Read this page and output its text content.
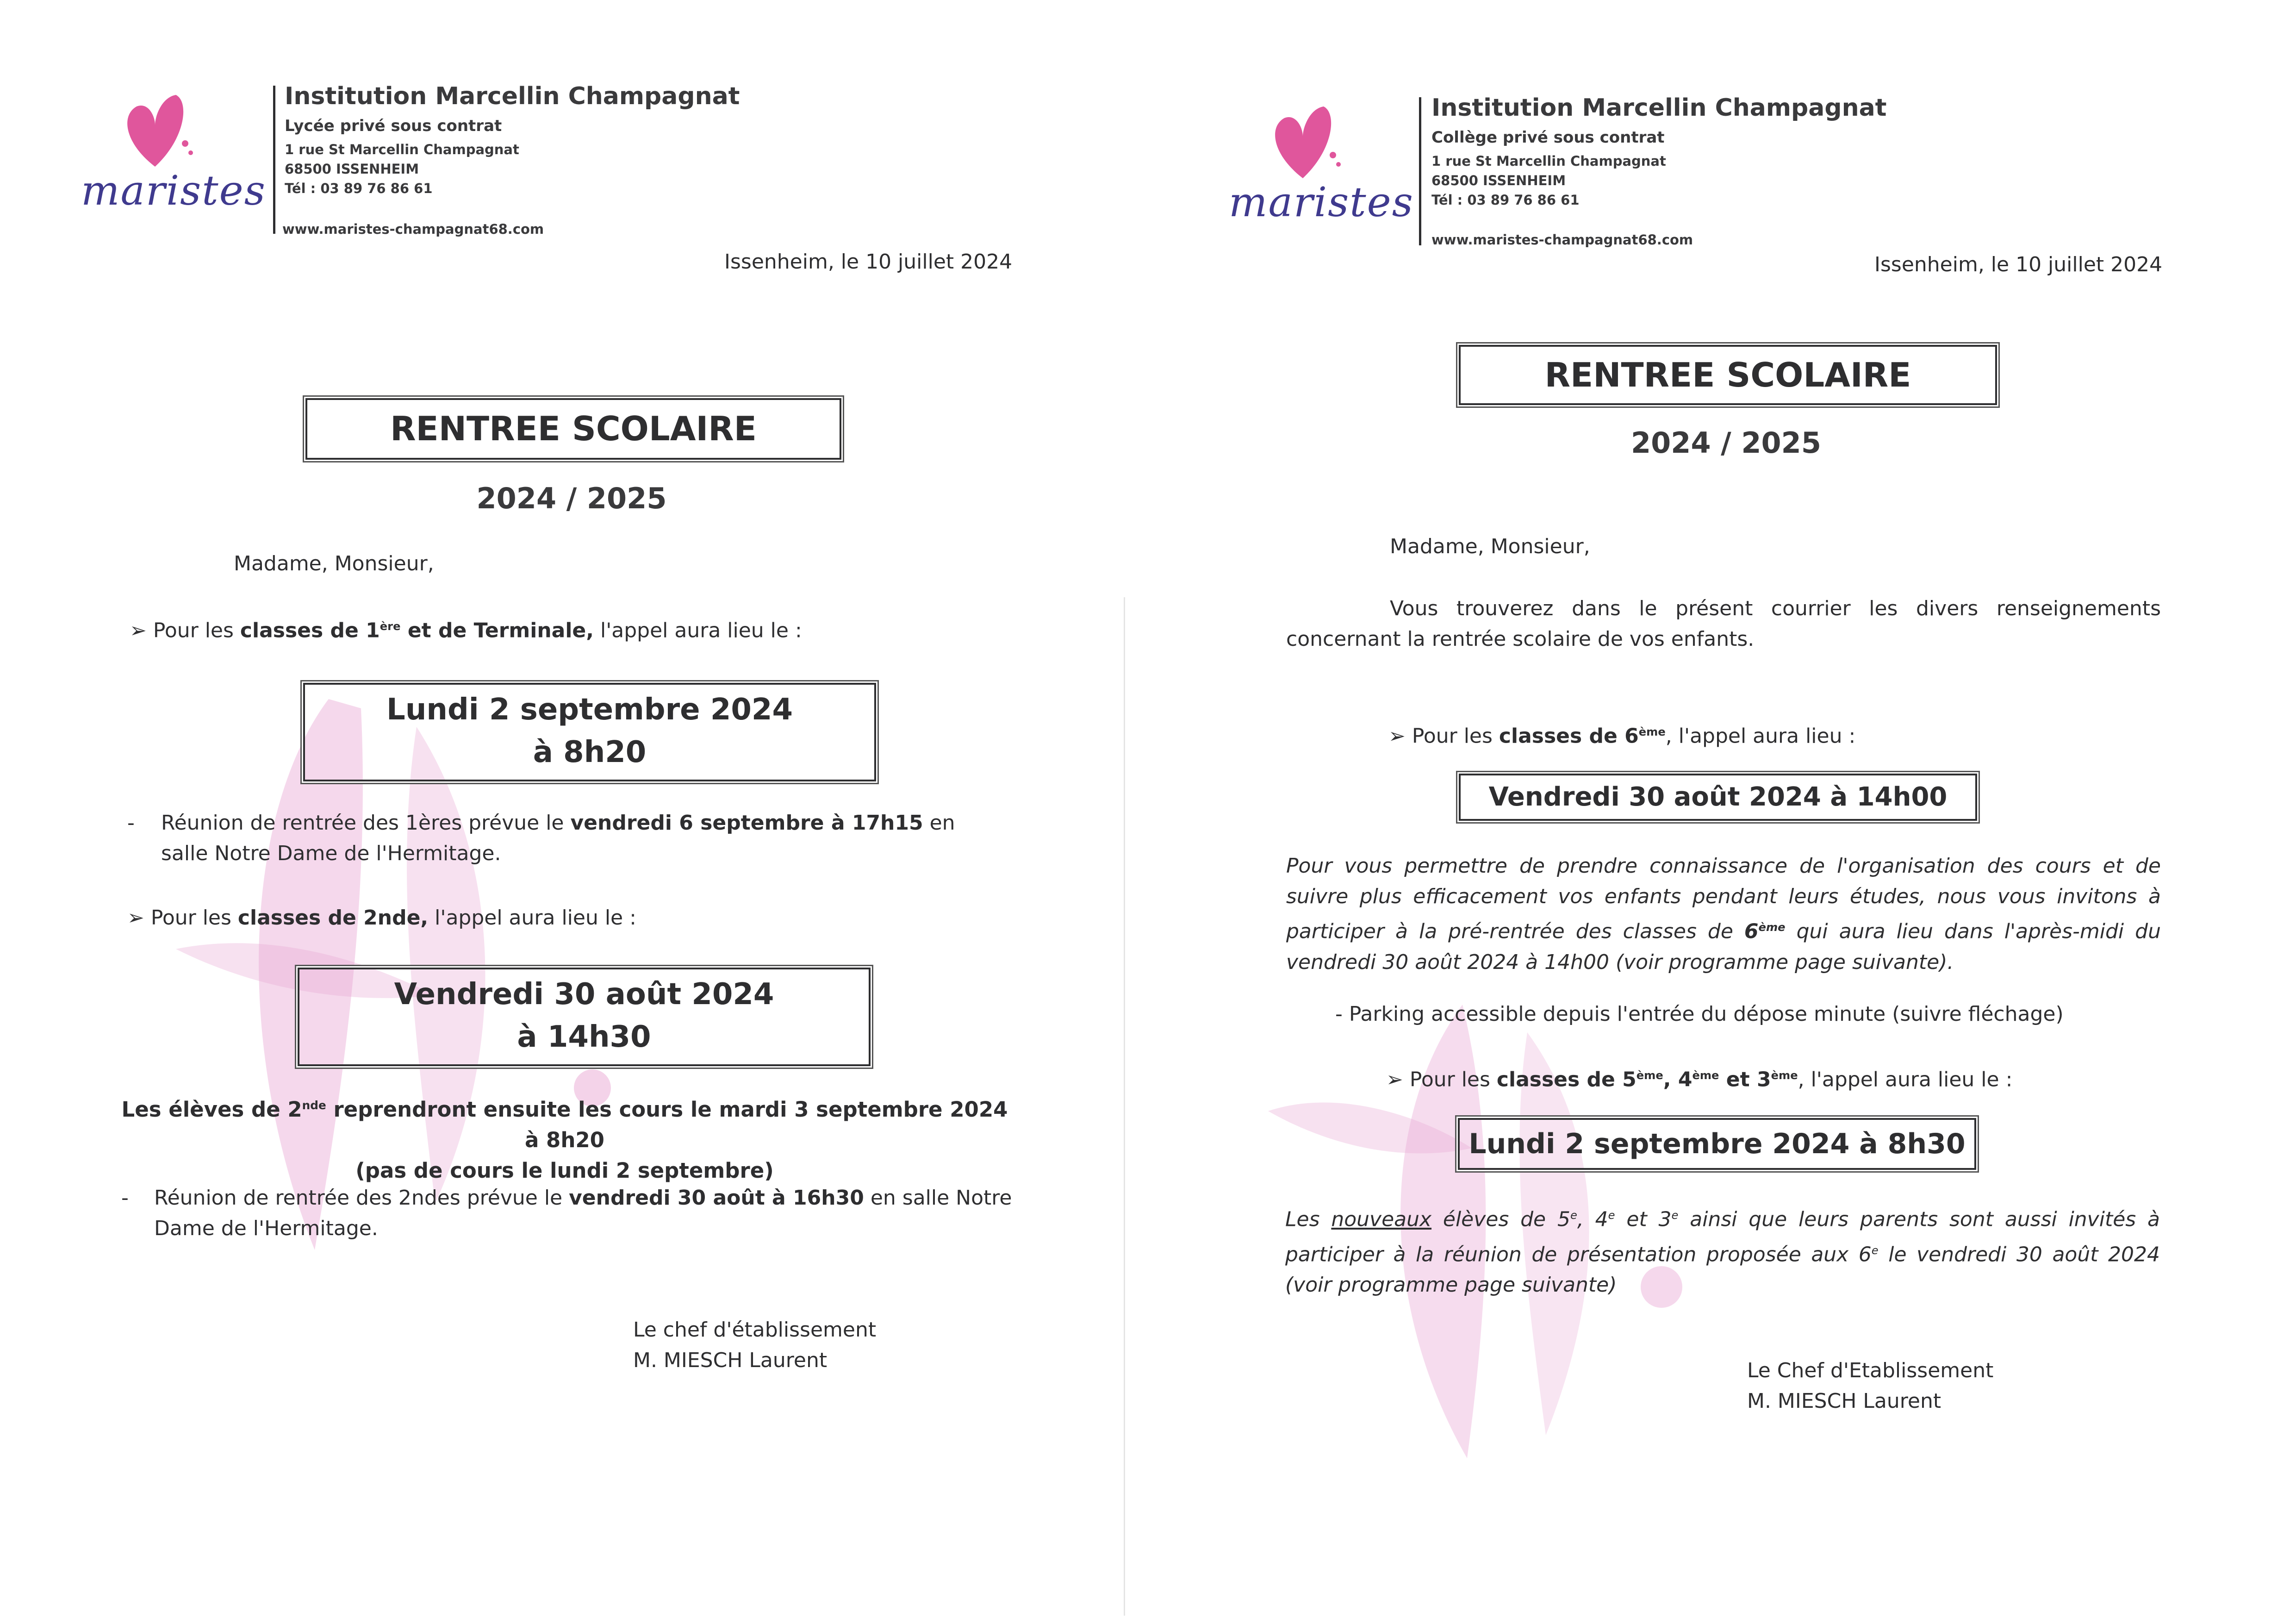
maristes
Institution Marcellin Champagnat
Lycée privé sous contrat
1 rue St Marcellin Champagnat
68500 ISSENHEIM
Tél : 03 89 76 86 61
www.maristes-champagnat68.com
Issenheim, le 10 juillet 2024
RENTREE SCOLAIRE
2024 / 2025
Madame, Monsieur,
➢ Pour les classes de 1ère et de Terminale, l'appel aura lieu le :
Lundi 2 septembre 2024
à 8h20
- Réunion de rentrée des 1ères prévue le vendredi 6 septembre à 17h15 en salle Notre Dame de l'Hermitage.
➢ Pour les classes de 2nde, l'appel aura lieu le :
Vendredi 30 août 2024
à 14h30
Les élèves de 2nde reprendront ensuite les cours le mardi 3 septembre 2024 à 8h20
(pas de cours le lundi 2 septembre)
- Réunion de rentrée des 2ndes prévue le vendredi 30 août à 16h30 en salle Notre Dame de l'Hermitage.
Le chef d'établissement
M. MIESCH Laurent
maristes
Institution Marcellin Champagnat
Collège privé sous contrat
1 rue St Marcellin Champagnat
68500 ISSENHEIM
Tél : 03 89 76 86 61
www.maristes-champagnat68.com
Issenheim, le 10 juillet 2024
RENTREE SCOLAIRE
2024 / 2025
Madame, Monsieur,
Vous trouverez dans le présent courrier les divers renseignements concernant la rentrée scolaire de vos enfants.
➢ Pour les classes de 6ème, l'appel aura lieu :
Vendredi 30 août 2024 à 14h00
Pour vous permettre de prendre connaissance de l'organisation des cours et de suivre plus efficacement vos enfants pendant leurs études, nous vous invitons à participer à la pré-rentrée des classes de 6ème qui aura lieu dans l'après-midi du vendredi 30 août 2024 à 14h00 (voir programme page suivante).
- Parking accessible depuis l'entrée du dépose minute (suivre fléchage)
➢ Pour les classes de 5ème, 4ème et 3ème, l'appel aura lieu le :
Lundi 2 septembre 2024 à 8h30
Les nouveaux élèves de 5e, 4e et 3e ainsi que leurs parents sont aussi invités à participer à la réunion de présentation proposée aux 6e le vendredi 30 août 2024 (voir programme page suivante)
Le Chef d'Etablissement
M. MIESCH Laurent
